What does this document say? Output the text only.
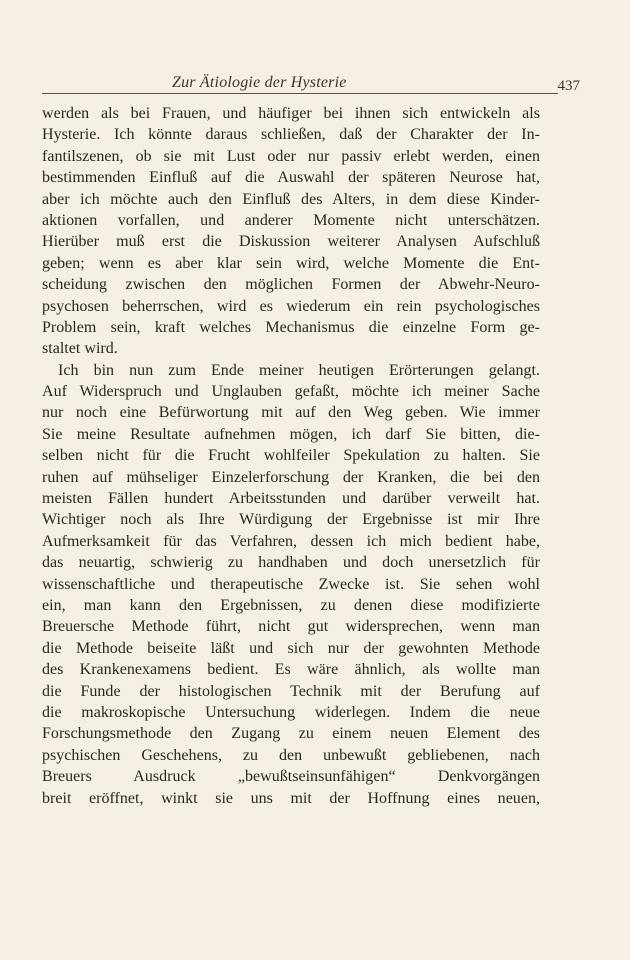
Zur Ätiologie der Hysterie	437
werden als bei Frauen, und häufiger bei ihnen sich entwickeln als
Hysterie. Ich könnte daraus schließen, daß der Charakter der In-
fantilszenen, ob sie mit Lust oder nur passiv erlebt werden, einen
bestimmenden Einfluß auf die Auswahl der späteren Neurose hat,
aber ich möchte auch den Einfluß des Alters, in dem diese Kinder-
aktionen vorfallen, und anderer Momente nicht unterschätzen.
Hierüber muß erst die Diskussion weiterer Analysen Aufschluß
geben; wenn es aber klar sein wird, welche Momente die Ent-
scheidung zwischen den möglichen Formen der Abwehr-Neuro-
psychosen beherrschen, wird es wiederum ein rein psychologisches
Problem sein, kraft welches Mechanismus die einzelne Form ge-
staltet wird.
Ich bin nun zum Ende meiner heutigen Erörterungen gelangt.
Auf Widerspruch und Unglauben gefaßt, möchte ich meiner Sache
nur noch eine Befürwortung mit auf den Weg geben. Wie immer
Sie meine Resultate aufnehmen mögen, ich darf Sie bitten, die-
selben nicht für die Frucht wohlfeiler Spekulation zu halten. Sie
ruhen auf mühseliger Einzelerforschung der Kranken, die bei den
meisten Fällen hundert Arbeitsstunden und darüber verweilt hat.
Wichtiger noch als Ihre Würdigung der Ergebnisse ist mir Ihre
Aufmerksamkeit für das Verfahren, dessen ich mich bedient habe,
das neuartig, schwierig zu handhaben und doch unersetzlich für
wissenschaftliche und therapeutische Zwecke ist. Sie sehen wohl
ein, man kann den Ergebnissen, zu denen diese modifizierte
Breuersche Methode führt, nicht gut widersprechen, wenn man
die Methode beiseite läßt und sich nur der gewohnten Methode
des Krankenexamens bedient. Es wäre ähnlich, als wollte man
die Funde der histologischen Technik mit der Berufung auf
die makroskopische Untersuchung widerlegen. Indem die neue
Forschungsmethode den Zugang zu einem neuen Element des
psychischen Geschehens, zu den unbewußt gebliebenen, nach
Breuers Ausdruck „bewußtseinsunfähigen“ Denkvorgängen
breit eröffnet, winkt sie uns mit der Hoffnung eines neuen,
